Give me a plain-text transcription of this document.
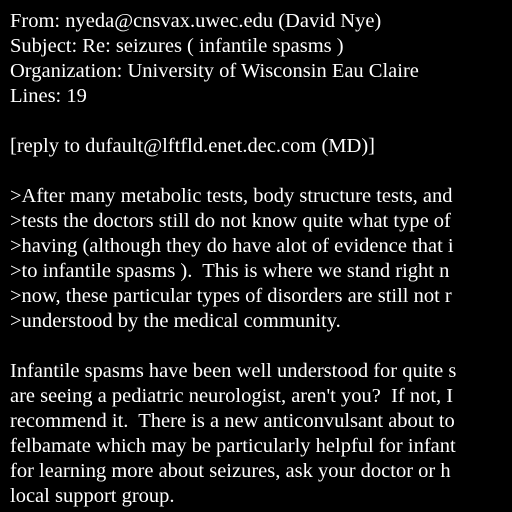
From: nyeda@cnsvax.uwec.edu (David Nye)
Subject: Re: seizures ( infantile spasms )
Organization: University of Wisconsin Eau Claire
Lines: 19
[reply to dufault@lftfld.enet.dec.com (MD)]
>After many metabolic tests, body structure tests, and
>tests the doctors still do not know quite what type of
>having (although they do have alot of evidence that i
>to infantile spasms ).  This is where we stand right n
>now, these particular types of disorders are still not r
>understood by the medical community.
Infantile spasms have been well understood for quite s
are seeing a pediatric neurologist, aren't you?  If not, I
recommend it.  There is a new anticonvulsant about to
felbamate which may be particularly helpful for infant
for learning more about seizures, ask your doctor or h
local support group.
